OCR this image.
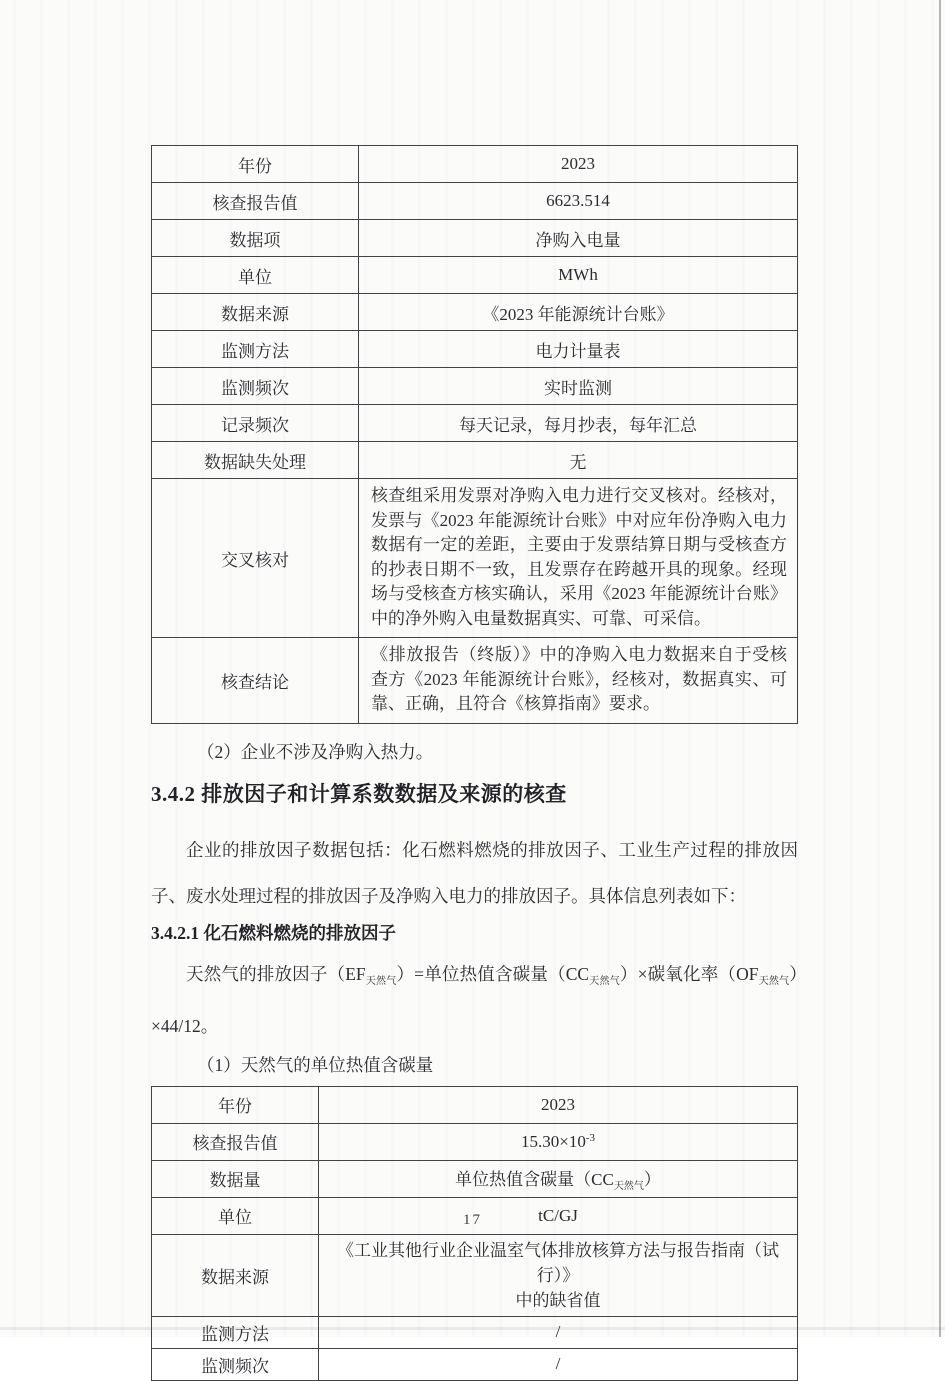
年份	2023
核查报告值	6623.514
数据项	净购入电量
单位	MWh
数据来源	《2023 年能源统计台账》
监测方法	电力计量表
监测频次	实时监测
记录频次	每天记录，每月抄表，每年汇总
数据缺失处理	无
交叉核对	核查组采用发票对净购入电力进行交叉核对。经核对，发票与《2023 年能源统计台账》中对应年份净购入电力数据有一定的差距，主要由于发票结算日期与受核查方的抄表日期不一致，且发票存在跨越开具的现象。经现场与受核查方核实确认，采用《2023 年能源统计台账》中的净外购入电量数据真实、可靠、可采信。
核查结论	《排放报告（终版）》中的净购入电力数据来自于受核查方《2023 年能源统计台账》，经核对，数据真实、可靠、正确，且符合《核算指南》要求。
（2）企业不涉及净购入热力。
3.4.2 排放因子和计算系数数据及来源的核查

企业的排放因子数据包括：化石燃料燃烧的排放因子、工业生产过程的排放因子、废水处理过程的排放因子及净购入电力的排放因子。具体信息列表如下：

3.4.2.1 化石燃料燃烧的排放因子

天然气的排放因子$(EF_{天然气})=$单位热值含碳量$(CC_{天然气})\times$碳氧化率$(OF_{天然气})\times 44/12$。

（1）天然气的单位热值含碳量
年份	2023
核查报告值	$15.30\times 10^{-3}$
数据量	单位热值含碳量$(CC_{天然气})$
单位	tC/GJ
数据来源	《工业其他行业企业温室气体排放核算方法与报告指南（试行）》
中的缺省值
监测方法	/
监测频次	/
17
